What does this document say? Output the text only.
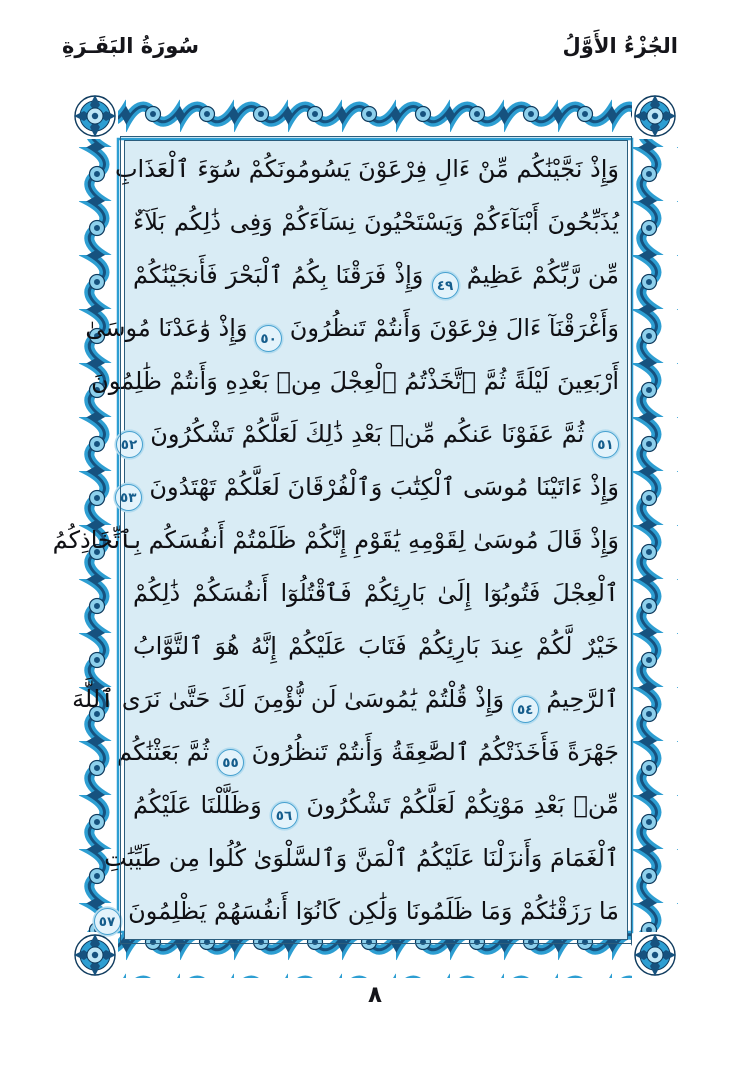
الجُزْءُ الأَوَّلُ
سُورَةُ البَقَـرَةِ
وَإِذْ نَجَّيْنَٰكُم مِّنْ ءَالِ فِرْعَوْنَ يَسُومُونَكُمْ سُوٓءَ ٱلْعَذَابِ
يُذَبِّحُونَ أَبْنَآءَكُمْ وَيَسْتَحْيُونَ نِسَآءَكُمْ وَفِى ذَٰلِكُم بَلَآءٌ
مِّن رَّبِّكُمْ عَظِيمٌ ٤٩ وَإِذْ فَرَقْنَا بِكُمُ ٱلْبَحْرَ فَأَنجَيْنَٰكُمْ
وَأَغْرَقْنَآ ءَالَ فِرْعَوْنَ وَأَنتُمْ تَنظُرُونَ ٥٠ وَإِذْ وَٰعَدْنَا مُوسَىٰ
أَرْبَعِينَ لَيْلَةً ثُمَّ ٱتَّخَذْتُمُ ٱلْعِجْلَ مِنۢ بَعْدِهِ وَأَنتُمْ ظَٰلِمُونَ
٥١ ثُمَّ عَفَوْنَا عَنكُم مِّنۢ بَعْدِ ذَٰلِكَ لَعَلَّكُمْ تَشْكُرُونَ ٥٢
وَإِذْ ءَاتَيْنَا مُوسَى ٱلْكِتَٰبَ وَٱلْفُرْقَانَ لَعَلَّكُمْ تَهْتَدُونَ ٥٣
وَإِذْ قَالَ مُوسَىٰ لِقَوْمِهِ يَٰقَوْمِ إِنَّكُمْ ظَلَمْتُمْ أَنفُسَكُم بِٱتِّخَاذِكُمُ
ٱلْعِجْلَ فَتُوبُوٓا إِلَىٰ بَارِئِكُمْ فَٱقْتُلُوٓا أَنفُسَكُمْ ذَٰلِكُمْ
خَيْرٌ لَّكُمْ عِندَ بَارِئِكُمْ فَتَابَ عَلَيْكُمْ إِنَّهُ هُوَ ٱلتَّوَّابُ
ٱلرَّحِيمُ ٥٤ وَإِذْ قُلْتُمْ يَٰمُوسَىٰ لَن نُّؤْمِنَ لَكَ حَتَّىٰ نَرَى ٱللَّهَ
جَهْرَةً فَأَخَذَتْكُمُ ٱلصَّٰعِقَةُ وَأَنتُمْ تَنظُرُونَ ٥٥ ثُمَّ بَعَثْنَٰكُم
مِّنۢ بَعْدِ مَوْتِكُمْ لَعَلَّكُمْ تَشْكُرُونَ ٥٦ وَظَلَّلْنَا عَلَيْكُمُ
ٱلْغَمَامَ وَأَنزَلْنَا عَلَيْكُمُ ٱلْمَنَّ وَٱلسَّلْوَىٰ كُلُوا مِن طَيِّبَٰتِ
مَا رَزَقْنَٰكُمْ وَمَا ظَلَمُونَا وَلَٰكِن كَانُوٓا أَنفُسَهُمْ يَظْلِمُونَ ٥٧
٨
